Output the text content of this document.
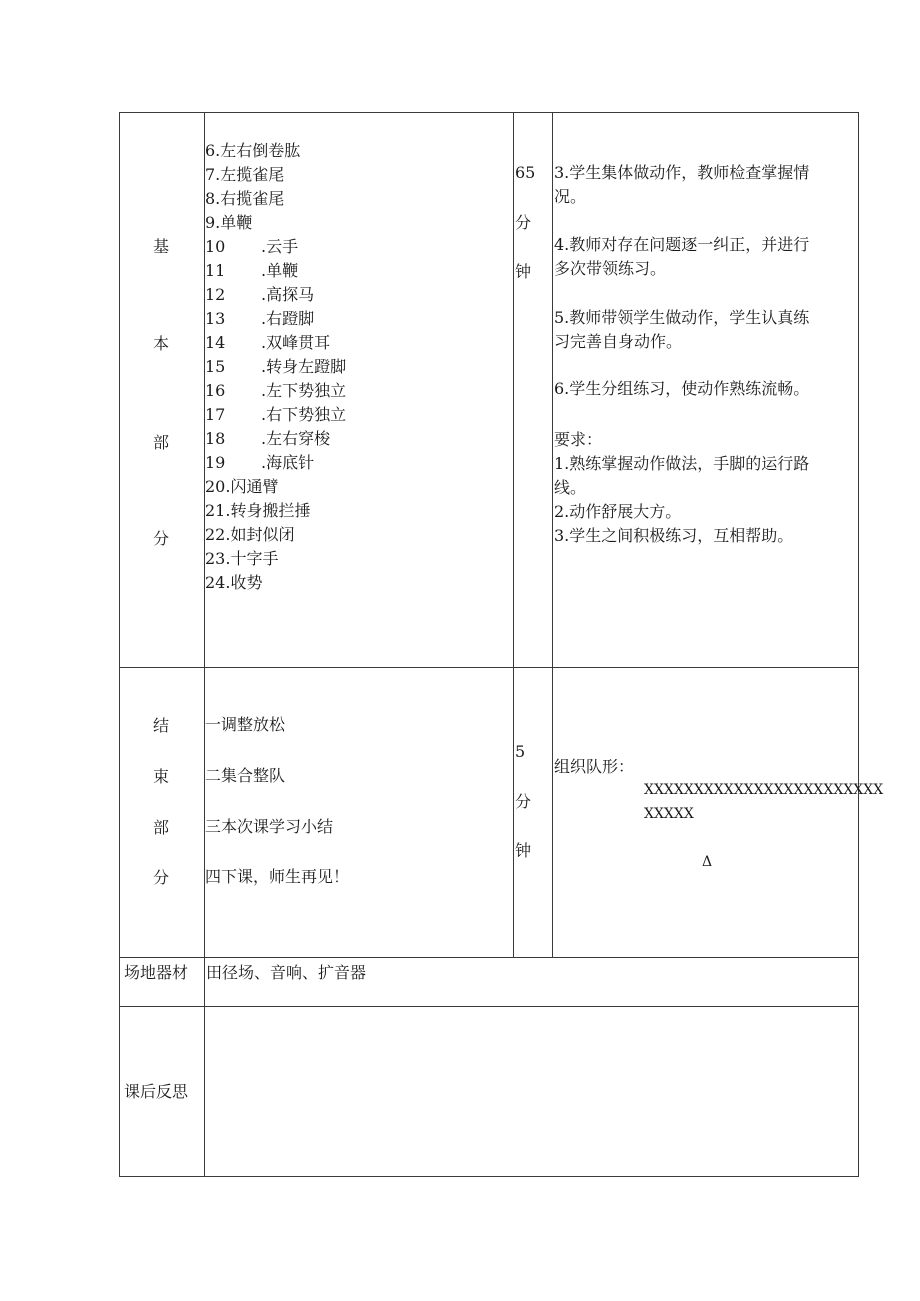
基
本
部
分
6.左右倒卷肱
7.左揽雀尾
8.右揽雀尾
9.单鞭
10 .云手
11 .单鞭
12 .高探马
13 .右蹬脚
14 .双峰贯耳
15 .转身左蹬脚
16 .左下势独立
17 .右下势独立
18 .左右穿梭
19 .海底针
20.闪通臂
21.转身搬拦捶
22.如封似闭
23.十字手
24.收势
65
分
钟
3.学生集体做动作，教师检查掌握情
况。
4.教师对存在问题逐一纠正，并进行
多次带领练习。
5.教师带领学生做动作，学生认真练
习完善自身动作。
6.学生分组练习，使动作熟练流畅。
要求：
1.熟练掌握动作做法，手脚的运行路
线。
2.动作舒展大方。
3.学生之间积极练习，互相帮助。
结
束
部
分
一调整放松
二集合整队
三本次课学习小结
四下课，师生再见！
5
分
钟
组织队形：
XXXXXXXXXXXXXXXXXXXXXXXX
XXXXX
Δ
场地器材 田径场、音响、扩音器
课后反思
